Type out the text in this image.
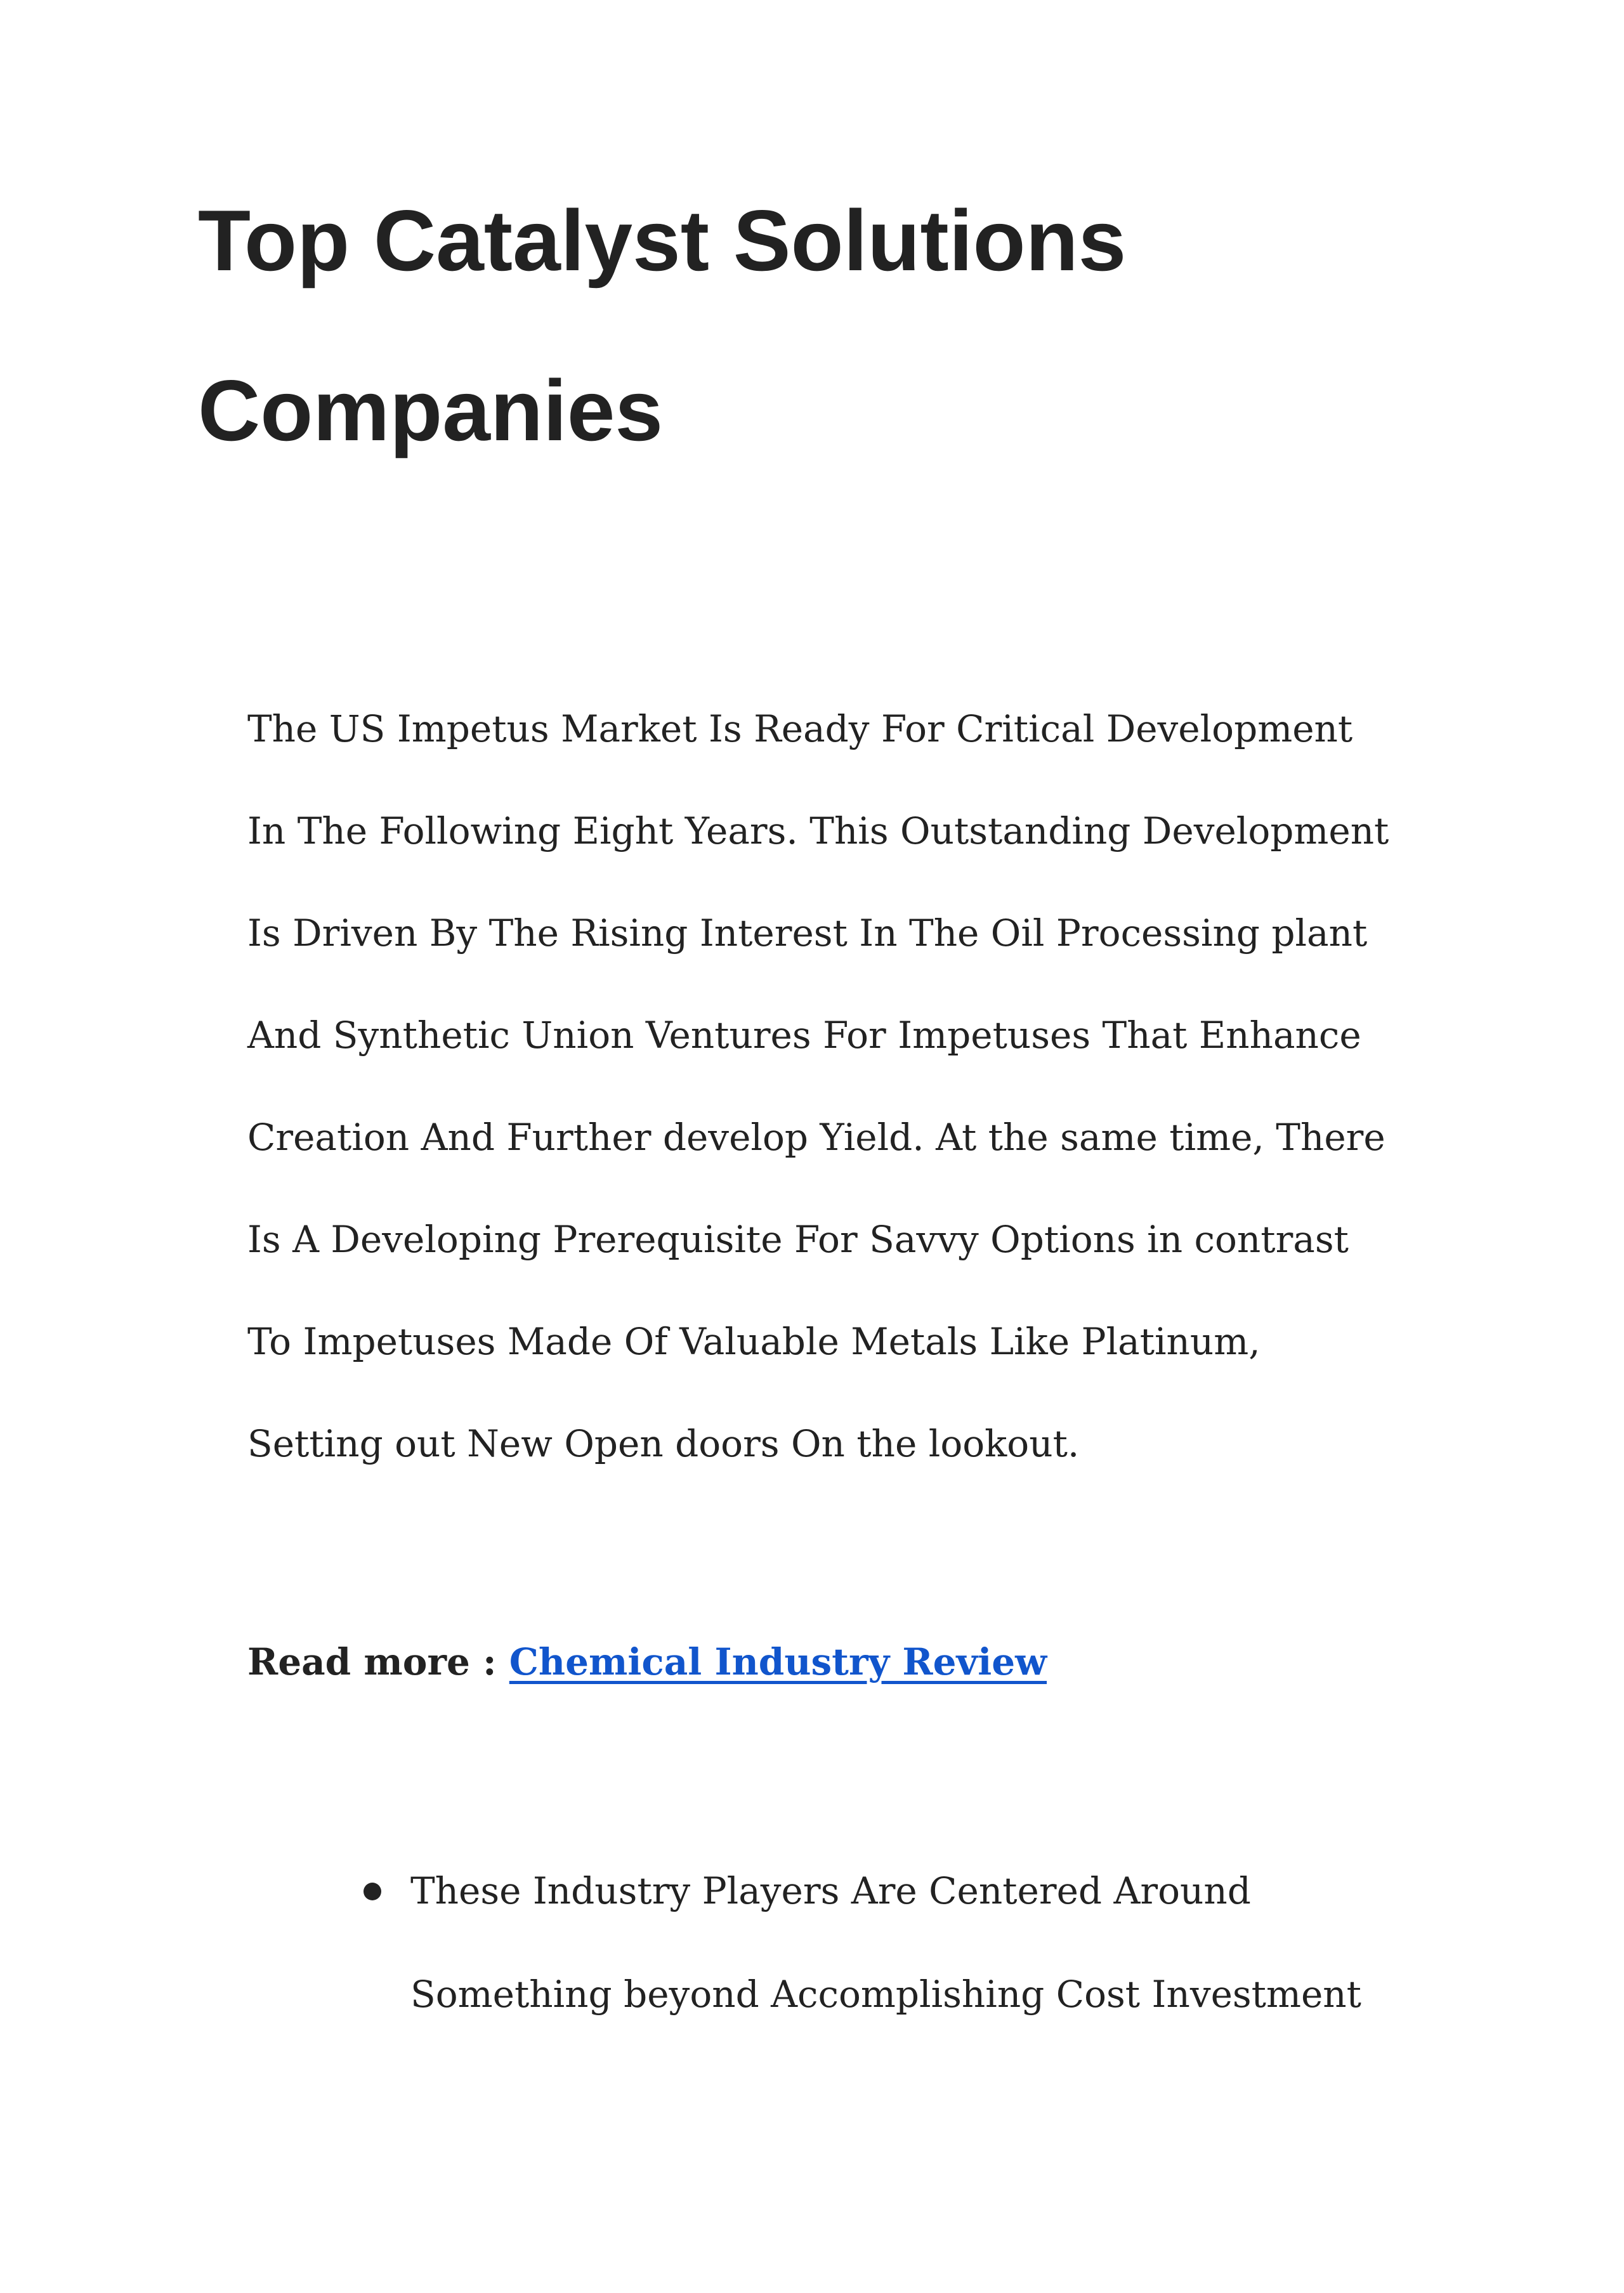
Top Catalyst Solutions Companies

The US Impetus Market Is Ready For Critical Development In The Following Eight Years. This Outstanding Development Is Driven By The Rising Interest In The Oil Processing plant And Synthetic Union Ventures For Impetuses That Enhance Creation And Further develop Yield. At the same time, There Is A Developing Prerequisite For Savvy Options in contrast To Impetuses Made Of Valuable Metals Like Platinum, Setting out New Open doors On the lookout.

Read more : Chemical Industry Review

These Industry Players Are Centered Around Something beyond Accomplishing Cost Investment
